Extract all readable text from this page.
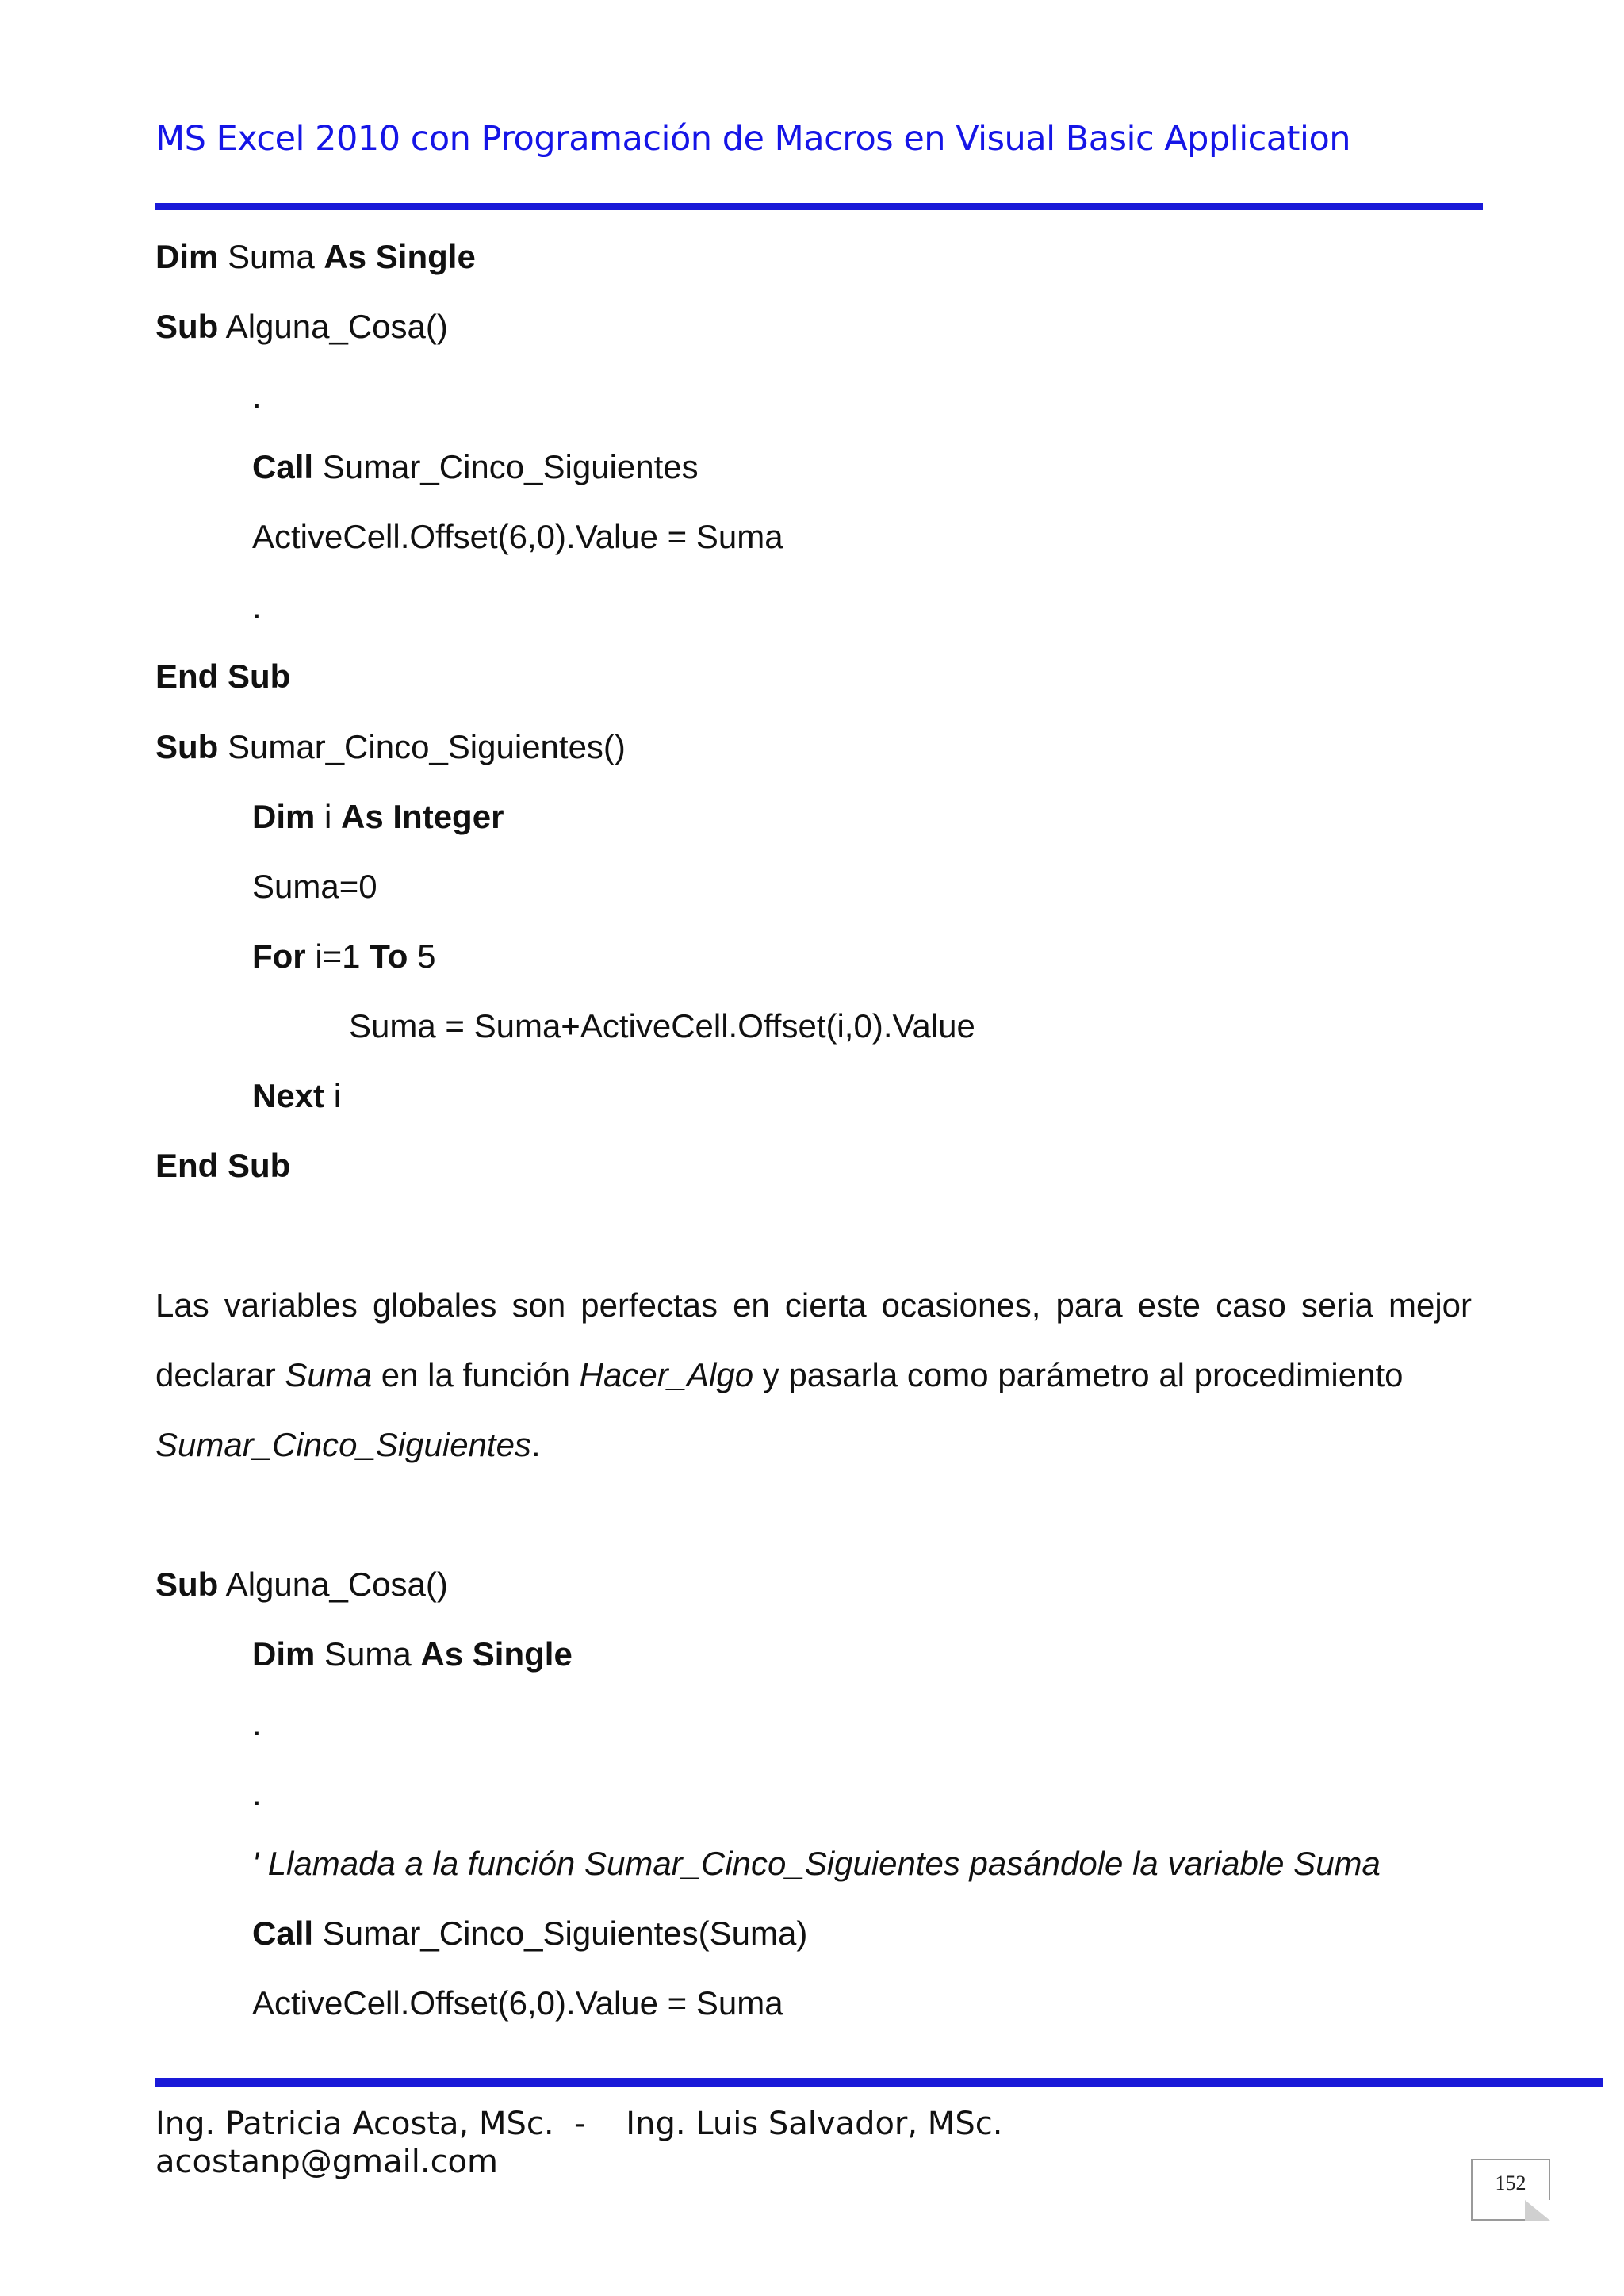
MS Excel 2010 con Programación de Macros en Visual Basic Application
Dim Suma As Single
Sub Alguna_Cosa()
.
Call Sumar_Cinco_Siguientes
ActiveCell.Offset(6,0).Value = Suma
.
End Sub
Sub Sumar_Cinco_Siguientes()
Dim i As Integer
Suma=0
For i=1 To 5
Suma = Suma+ActiveCell.Offset(i,0).Value
Next i
End Sub
Las variables globales son perfectas en cierta ocasiones, para este caso seria mejor
declarar Suma en la función Hacer_Algo y pasarla como parámetro al procedimiento
Sumar_Cinco_Siguientes.
Sub Alguna_Cosa()
Dim Suma As Single
.
.
' Llamada a la función Sumar_Cinco_Siguientes pasándole la variable Suma
Call Sumar_Cinco_Siguientes(Suma)
ActiveCell.Offset(6,0).Value = Suma
Ing. Patricia Acosta, MSc.  -    Ing. Luis Salvador, MSc.
acostanp@gmail.com
152
